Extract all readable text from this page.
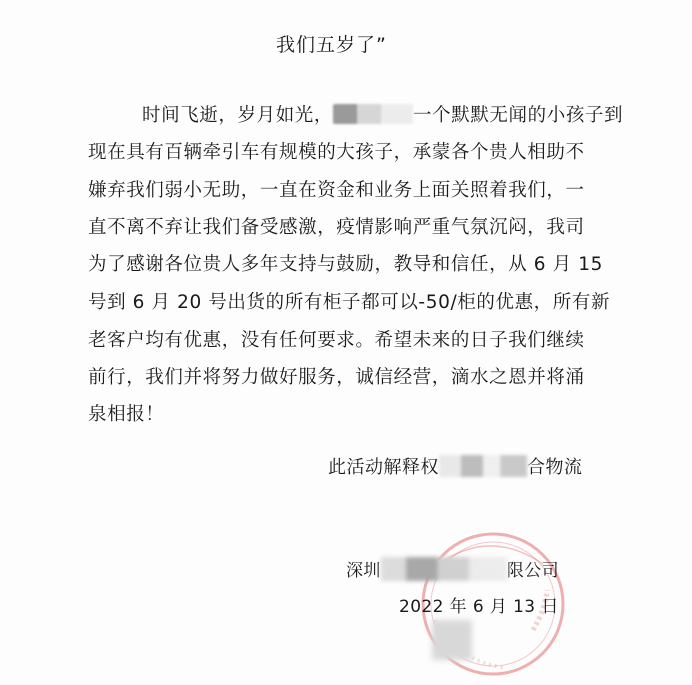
我们五岁了”
时间飞逝，岁月如光，	一个默默无闻的小孩子到
现在具有百辆牵引车有规模的大孩子，承蒙各个贵人相助不
嫌弃我们弱小无助，一直在资金和业务上面关照着我们，一
直不离不弃让我们备受感激，疫情影响严重气氛沉闷，我司
为了感谢各位贵人多年支持与鼓励，教导和信任，从 6 月 15
号到 6 月 20 号出货的所有柜子都可以-50/柜的优惠，所有新
老客户均有优惠，没有任何要求。希望未来的日子我们继续
前行，我们并将努力做好服务，诚信经营，滴水之恩并将涌
泉相报！
此活动解释权	合物流
深圳	限公司
2022 年 6 月 13 日
